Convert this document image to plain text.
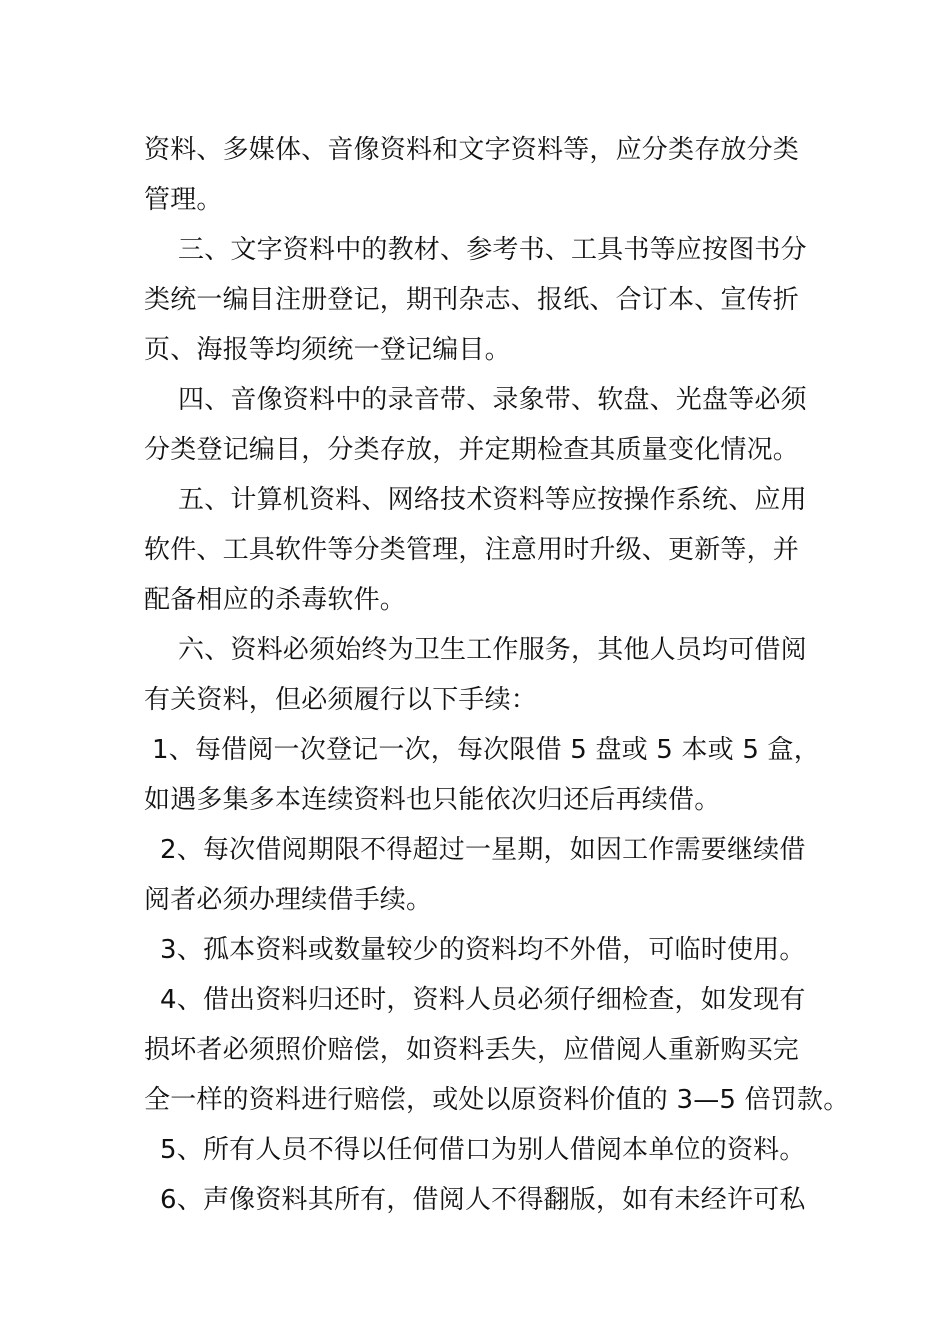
资料、多媒体、音像资料和文字资料等，应分类存放分类
管理。
三、文字资料中的教材、参考书、工具书等应按图书分
类统一编目注册登记，期刊杂志、报纸、合订本、宣传折
页、海报等均须统一登记编目。
四、音像资料中的录音带、录象带、软盘、光盘等必须
分类登记编目，分类存放，并定期检查其质量变化情况。
五、计算机资料、网络技术资料等应按操作系统、应用
软件、工具软件等分类管理，注意用时升级、更新等，并
配备相应的杀毒软件。
六、资料必须始终为卫生工作服务，其他人员均可借阅
有关资料，但必须履行以下手续：
1、每借阅一次登记一次，每次限借 5 盘或 5 本或 5 盒，
如遇多集多本连续资料也只能依次归还后再续借。
2、每次借阅期限不得超过一星期，如因工作需要继续借
阅者必须办理续借手续。
3、孤本资料或数量较少的资料均不外借，可临时使用。
4、借出资料归还时，资料人员必须仔细检查，如发现有
损坏者必须照价赔偿，如资料丢失，应借阅人重新购买完
全一样的资料进行赔偿，或处以原资料价值的 3—5 倍罚款。
5、所有人员不得以任何借口为别人借阅本单位的资料。
6、声像资料其所有，借阅人不得翻版，如有未经许可私
